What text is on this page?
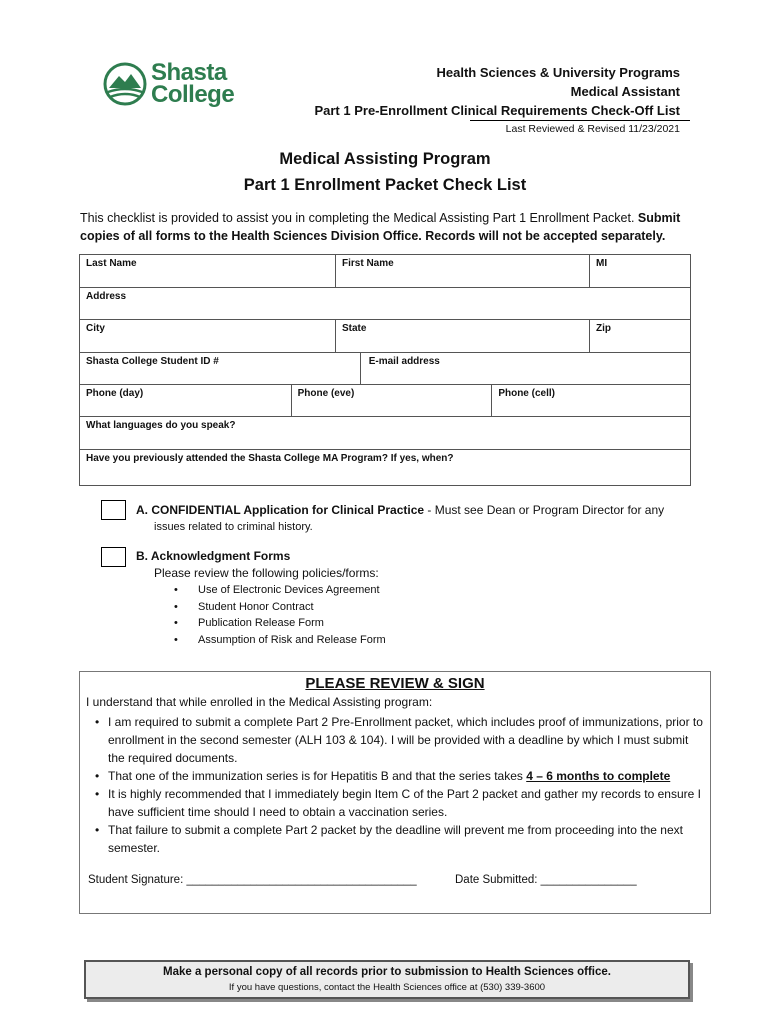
Shasta
College
Health Sciences & University Programs
Medical Assistant
Part 1 Pre-Enrollment Clinical Requirements Check-Off List
Last Reviewed & Revised 11/23/2021
Medical Assisting Program
Part 1 Enrollment Packet Check List
This checklist is provided to assist you in completing the Medical Assisting Part 1 Enrollment Packet. Submit copies of all forms to the Health Sciences Division Office. Records will not be accepted separately.
Last Name	First Name	MI
Address		
City	State	Zip
Shasta College Student ID #	E-mail address
Phone (day)	Phone (eve)	Phone (cell)
What languages do you speak?
Have you previously attended the Shasta College MA Program? If yes, when?
A. CONFIDENTIAL Application for Clinical Practice - Must see Dean or Program Director for any
issues related to criminal history.
B. Acknowledgment Forms
Please review the following policies/forms:
• Use of Electronic Devices Agreement
• Student Honor Contract
• Publication Release Form
• Assumption of Risk and Release Form
PLEASE REVIEW & SIGN
I understand that while enrolled in the Medical Assisting program:
• I am required to submit a complete Part 2 Pre-Enrollment packet, which includes proof of immunizations, prior to enrollment in the second semester (ALH 103 & 104). I will be provided with a deadline by which I must submit the required documents.
• That one of the immunization series is for Hepatitis B and that the series takes 4 – 6 months to complete
• It is highly recommended that I immediately begin Item C of the Part 2 packet and gather my records to ensure I have sufficient time should I need to obtain a vaccination series.
• That failure to submit a complete Part 2 packet by the deadline will prevent me from proceeding into the next semester.
Student Signature: ____________________________________	Date Submitted: _______________
Make a personal copy of all records prior to submission to Health Sciences office.
If you have questions, contact the Health Sciences office at (530) 339-3600
